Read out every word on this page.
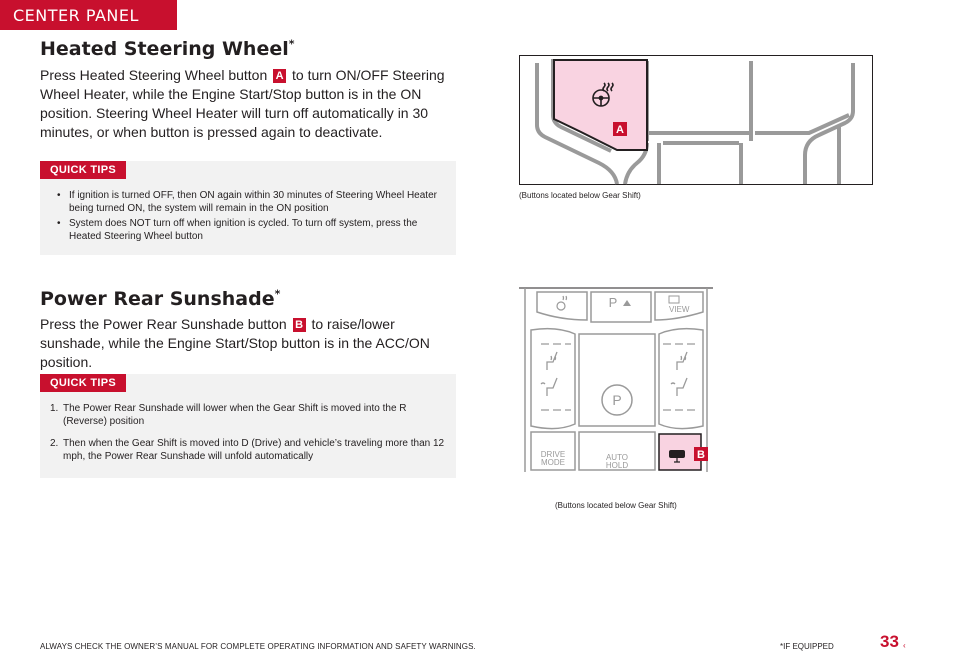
CENTER PANEL
Heated Steering Wheel*
Press Heated Steering Wheel button A to turn ON/OFF Steering Wheel Heater, while the Engine Start/Stop button is in the ON position. Steering Wheel Heater will turn off automatically in 30 minutes, or when button is pressed again to deactivate.
QUICK TIPS
• If ignition is turned OFF, then ON again within 30 minutes of Steering Wheel Heater being turned ON, the system will remain in the ON position
• System does NOT turn off when ignition is cycled. To turn off system, press the Heated Steering Wheel button
A
(Buttons located below Gear Shift)
Power Rear Sunshade*
Press the Power Rear Sunshade button B to raise/lower sunshade, while the Engine Start/Stop button is in the ACC/ON position.
QUICK TIPS
1. The Power Rear Sunshade will lower when the Gear Shift is moved into the R (Reverse) position
2. Then when the Gear Shift is moved into D (Drive) and vehicle’s traveling more than 12 mph, the Power Rear Sunshade will unfold automatically
P	VIEW
P
DRIVE
MODE
AUTO
HOLD
B
(Buttons located below Gear Shift)
ALWAYS CHECK THE OWNER’S MANUAL FOR COMPLETE OPERATING INFORMATION AND SAFETY WARNINGS.	*IF EQUIPPED	33 ‹
